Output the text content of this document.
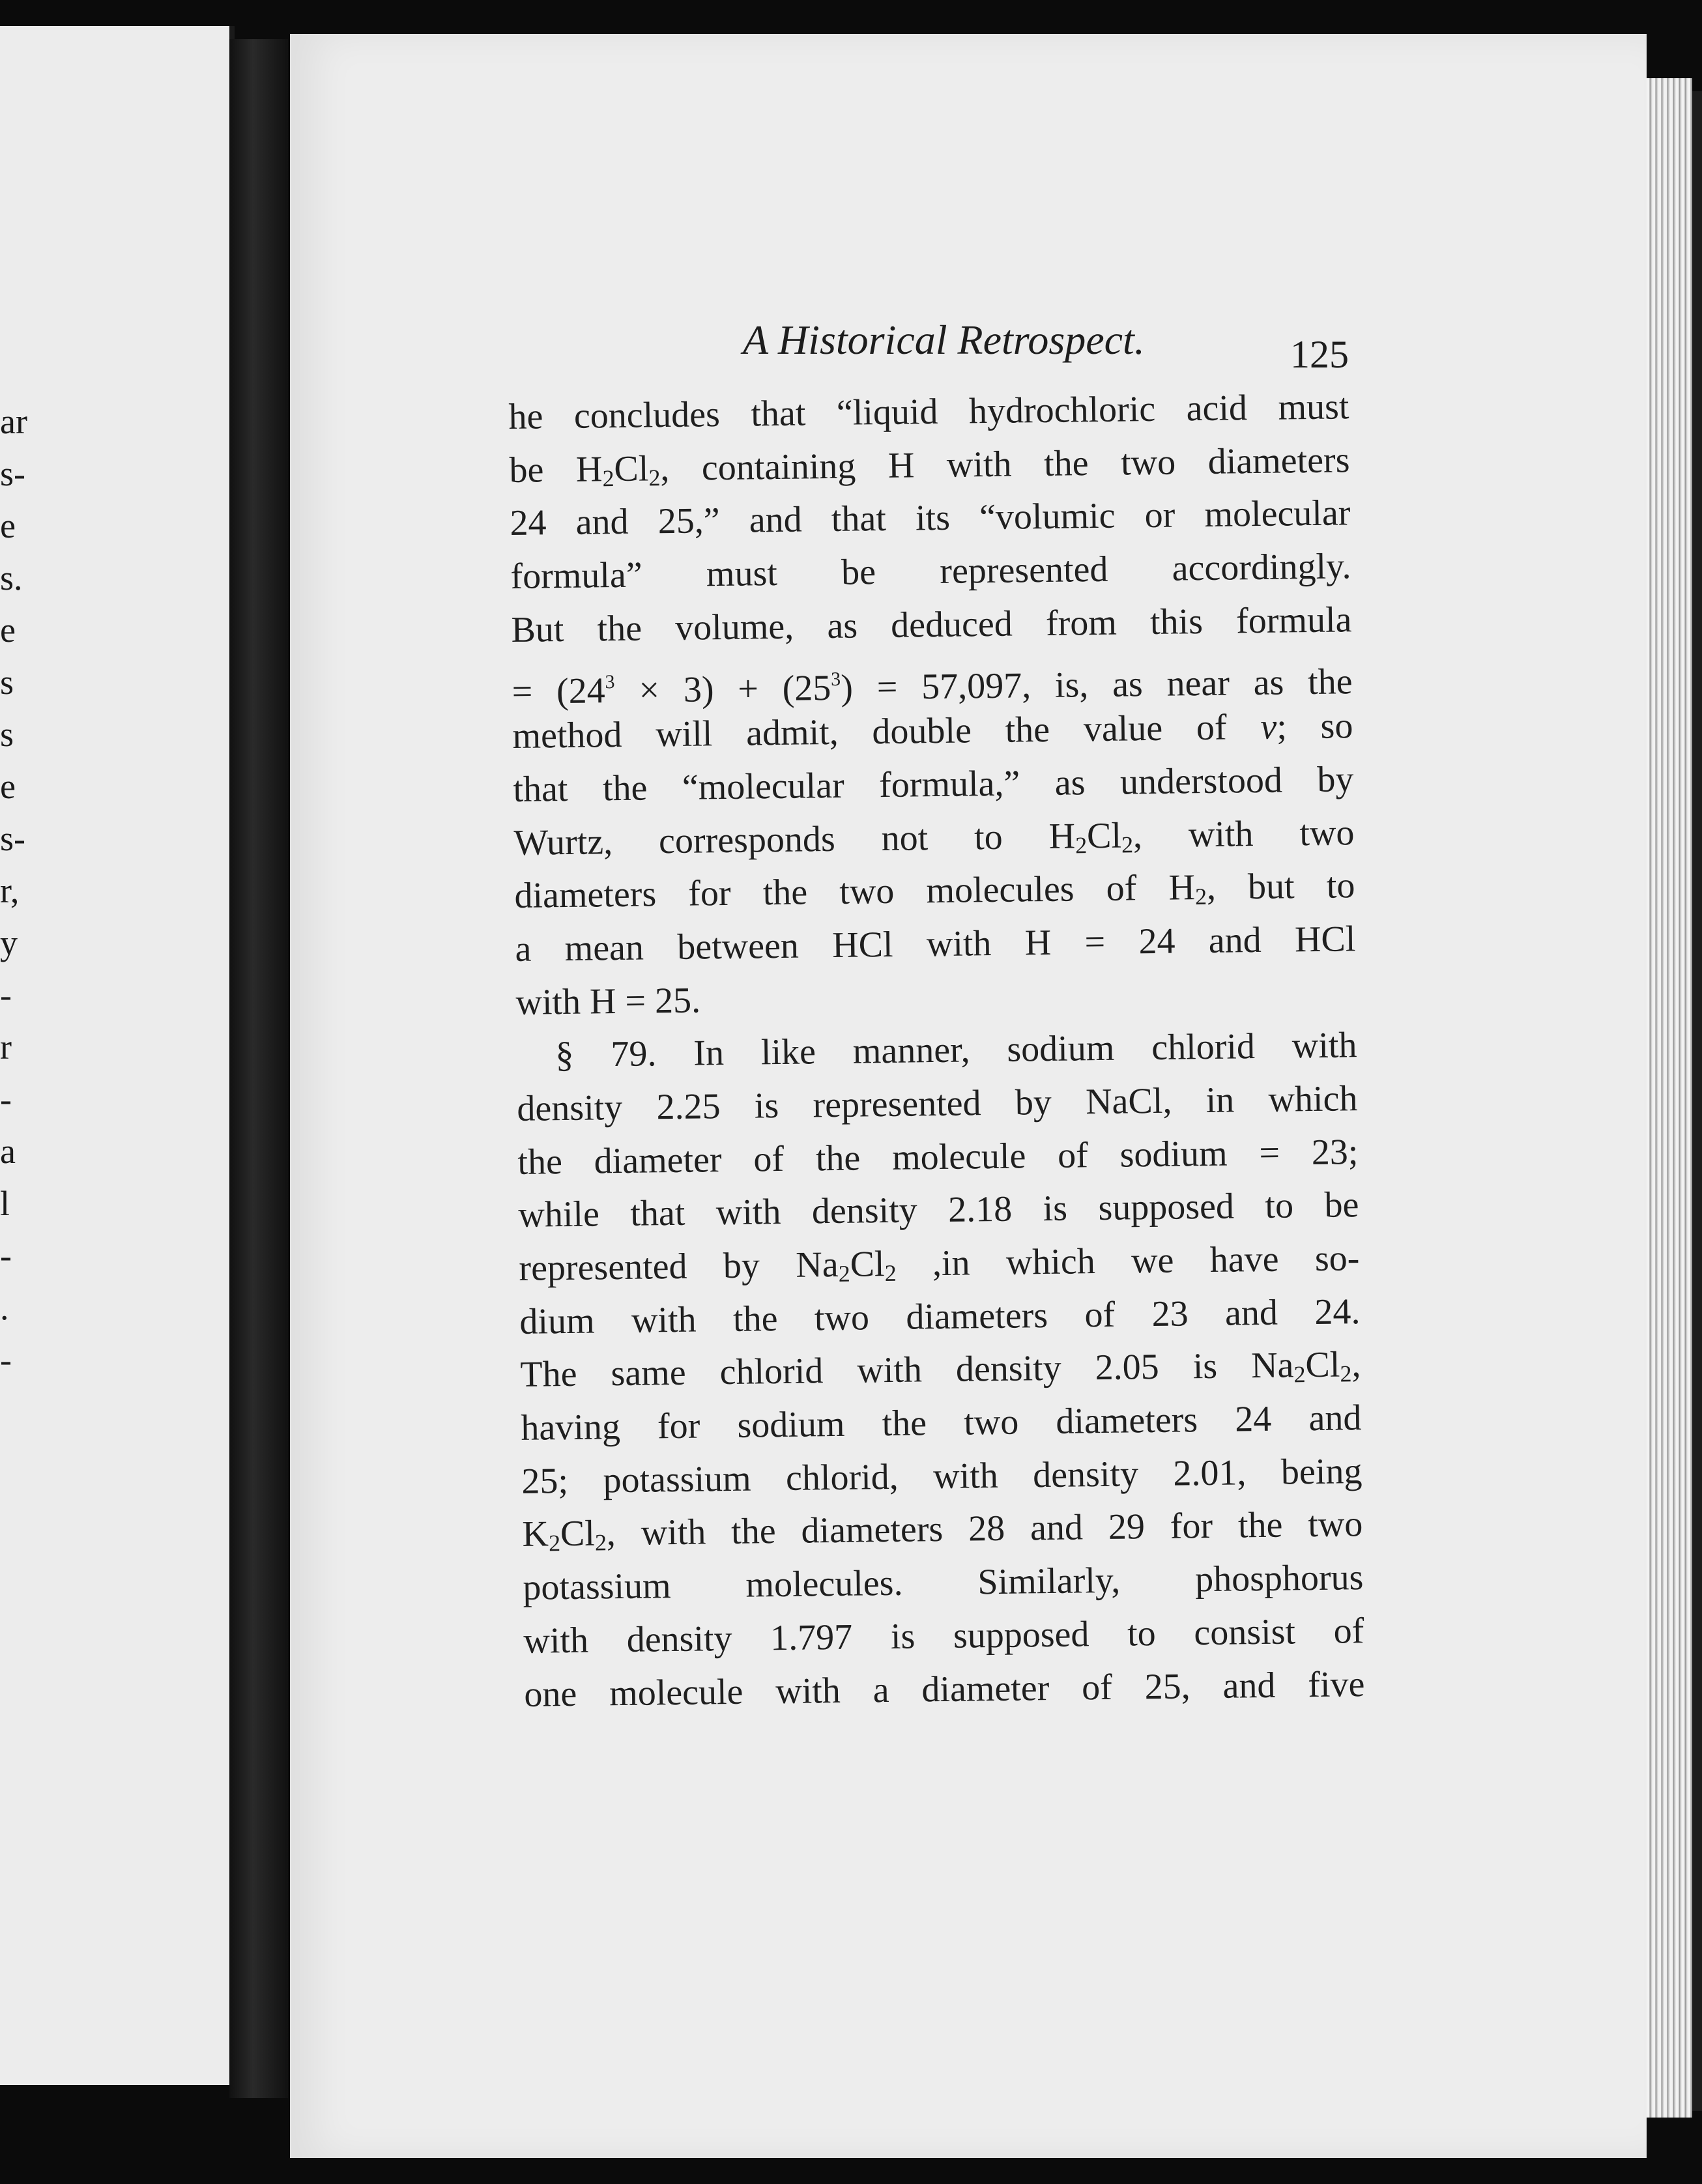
ar
s-
e
s.
e
s
s
e
s-
r,
y
-
r
-
a
l
-
.
-
A Historical Retrospect.	125
he concludes that “liquid hydrochloric acid must
be $H_2Cl_2$, containing H with the two diameters
24 and 25,” and that its “volumic or molecular
formula” must be represented accordingly.
But the volume, as deduced from this formula
= $(24^3 \times 3) + (25^3) = 57,097$, is, as near as the
method will admit, double the value of v; so
that the “molecular formula,” as understood by
Wurtz, corresponds not to $H_2Cl_2$, with two
diameters for the two molecules of $H_2$, but to
a mean between HCl with H = 24 and HCl
with H = 25.
§ 79. In like manner, sodium chlorid with
density 2.25 is represented by NaCl, in which
the diameter of the molecule of sodium = 23;
while that with density 2.18 is supposed to be
represented by $Na_2Cl_2$ ,in which we have so-
dium with the two diameters of 23 and 24.
The same chlorid with density 2.05 is $Na_2Cl_2$,
having for sodium the two diameters 24 and
25; potassium chlorid, with density 2.01, being
$K_2Cl_2$, with the diameters 28 and 29 for the two
potassium molecules. Similarly, phosphorus
with density 1.797 is supposed to consist of
one molecule with a diameter of 25, and five
